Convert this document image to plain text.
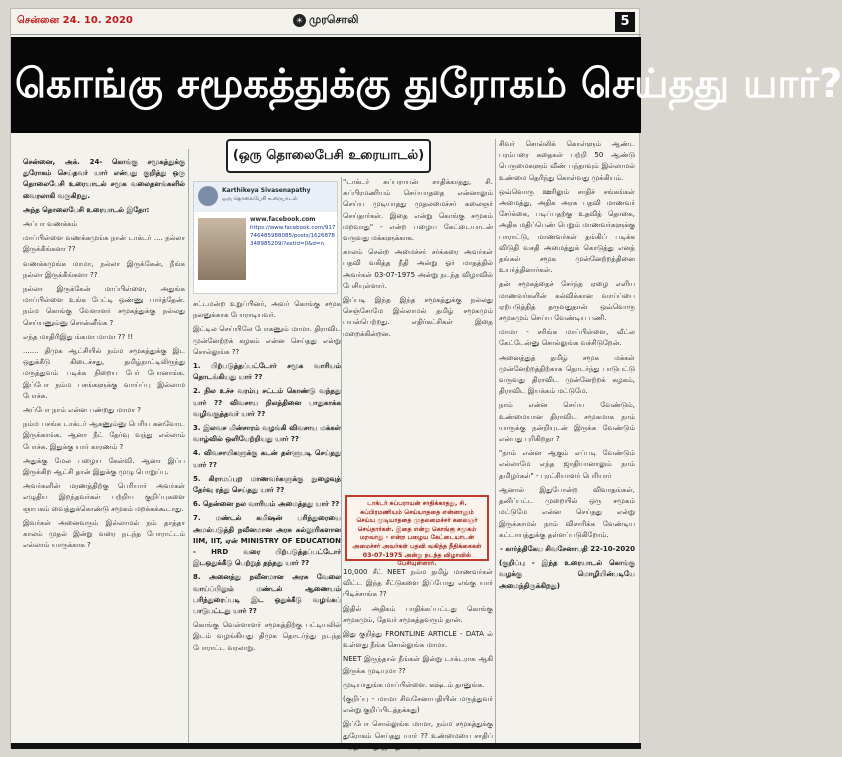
சென்னை 24. 10. 2020	☀ முரசொலி	5
கொங்கு சமூகத்துக்கு துரோகம் செய்தது யார்?
(ஒரு தொலைபேசி உரையாடல்)

சென்னை, அக். 24- கொங்கு சமூகத்துக்கு துரோகம் செய்தவர் யார் என்பது குறித்து ஒரு தொலைபேசி உரையாடல் சமூக வலைதளங்களில் வைரலாகி வருகிறது.

அந்த தொலைபேசி உரையாடல் இதோ:

அப்பா வணக்கம்

மாப்பிள்ளை வணக்கமுங்க நான் டாக்டர் .... நல்லா இருக்கீங்களா ??

வணக்கமுங்க மாமா, நல்லா இருக்கேன், நீங்க நல்லா இருக்கீங்களா ??

நல்லா இருக்கேன் மாப்பிள்ளை, அதுங்க மாப்பிள்ளை உங்க பேட்டி ஒண்ணு பார்த்தேன். நம்ம கொங்கு வேளாளர் சமூகத்துக்கு நல்லது செய்யணும்னு சொன்னீங்க ?

எந்த மாதிரிஇது ங்கமா மாமா ?? !!

....... திமுக ஆட்சியில் நம்ம சமூகத்துக்கு இட ஒதுக்கீடு கிடைச்சது, தமிழ்நாட்டிலிருந்து மருத்துவம் படிக்க நிறைய பேர் போனாங்க. இப்போ நம்ம பசங்களுக்கு வாய்ப்பு இல்லாம போச்சு.

அப்போ நாம் என்ன பண்றது மாமா ?

நம்ம பசங்க டாக்டர் ஆகணும்னு பெரிய கனவோட இருக்காங்க. ஆனா நீட் தேர்வு வந்து எல்லாம் போச்சு. இதுக்கு யார் காரணம் ?

அதுக்கு மேல பழைய கேள்வி. ஆனா இப்ப இருக்கிற ஆட்சி தான் இதுக்கு முழு பொறுப்பு.

அவர்களின் மரணத்திற்கு பெரியார் அவர்கள் எழுதிய இறந்தவர்கள் பற்றிய குறிப்புகளை ஞாபகம் வைத்துக்கொண்டு சமூகம் மறக்கக்கூடாது.

இவர்கள் அனைவரும் இல்லாமல் நம் தாத்தா காலம் முதல் இன்று வரை நடந்த போராட்டம் எல்லாம் யாருக்காக ?

Karthikeya Sivasenapathy
ஒரு தொலைபேசி உரையாடல்
www.facebook.com
https://www.facebook.com/917746485988085/posts/1626878348985209/?extid=0&d=n

சட்டமன்ற உறுப்பினர், அவர் கொங்கு சமூக நலனுக்காக போராடியவர்.

இட்டில செய்யிலே போகணும் மாமா. திராவிட முன்னேற்றக் கழகம் என்ன செய்தது என்று சொல்லுங்க ??

1. பிற்படுத்தப்பட்டோர் சமூக வாரியம் தொடங்கியது யார் ??

2. நில உச்ச வரம்பு சட்டம் கொண்டு வந்தது யார் ?? விவசாய நிலத்தினை பாதுகாக்க வழிவகுத்தவர் யார் ??

3. இலவச மின்சாரம் வழங்கி விவசாய மக்கள் வாழ்வில் ஒளியேற்றியது யார் ??

4. விவசாயிகளுக்கு கடன் தள்ளுபடி செய்தது யார் ??

5. கிராமப்புற மாணவர்களுக்கு நுழைவுத் தேர்வு ரத்து செய்தது யார் ??

6. தென்னை நல வாரியம் அமைத்தது யார் ??

7. மண்டல் கமிஷன் பரிந்துரையை அமல்படுத்தி நவீனமான அரசு கல்லூரிகளான IIM, IIT, ஏன் MINISTRY OF EDUCATION - HRD வரை பிற்படுத்தப்பட்டோர் இடஒதுக்கீடு பெற்றுத் தந்தது யார் ??

8. அனைத்து நவீனமான அரசு வேலை வாய்ப்பிலும் மண்டல் ஆணையம் பரிந்துரைப்படி இட ஒதுக்கீடு வழங்கப் பாடுபட்டது யார் ??

கொங்கு வெள்ளாளர் சமூகத்திற்கு பட்டியலில் இடம் வழங்கியது திமுக தொடர்ந்து நடந்த போராட்ட வரலாறு.

"டாக்டர் சுப்பராயன் சாதிக்காதது, சி. சுப்பிரமணியம் செய்யாததை என்னாலும் செய்ய முடியாதது முதலமைச்சர் கலைஞர் செய்தார்கள். இதை என்று கொங்கு சமூகம் மறவாது" - என்ற பழைய கேட்டையாடன் வருவது மக்களுக்காக.

காலம் சென்ற அமைச்சர் சர்க்கரை அவர்கள் பதவி வகித்த நீதி அன்று ஓர் மாதத்தில் அவர்கள் 03-07-1975 அன்று நடந்த விழாவில் பேசியுள்ளார்.

இப்படி இந்த இந்த சமூகத்துக்கு நல்லது செஞ்சோமே இல்லாமல் தமிழ் சமூகமும் பயன்பெற்றது. எதிர்கட்சிகள் இதை மறைக்கின்றன.

டாக்டர் சுப்பராயன் சாதிக்காதது, சி. சுப்பிரமணியம் செய்யாததை என்னாலும் செய்ய முடியாததை முதலமைச்சர் கலைஞர் செய்தார்கள். இதை என்று கொங்கு சமூகம் மறவாது - என்ற பழைய கேட்டையாடன் அமைச்சர் அவர்கள் பதவி வகித்த நீதிக்கைகள் 03-07-1975 அன்று நடந்த விழாவில் பேசியுள்ளார்.

10,000 சீட் NEET நம்ம தமிழ் மாணவர்கள் விட்ட இந்த சீட்டுகளை இப்போது எங்கு யார் பிடிச்சாங்க ??

இதில் அதிகம் பாதிக்கப்பட்டது கொங்கு சமூகமும், தேவர் சமூகத்தவரும் தான்.

இது குறித்து FRONTLINE ARTICLE - DATA ல் உள்ளது நீங்க சொல்லுங்க மாமா.

NEET இருந்தால் நீங்கள் இன்று டாக்டராக ஆகி இருக்க முடியுமா ??

முடியாதுங்க மாப்பிள்ளை. கஷ்டம் தானுங்க.

(குறிப்பு - மாமா சிவசேனாபதியின் மருத்துவர் என்று குறிப்பிடத்தக்கது)

இப்போ சொல்லுங்க மாமா, நம்ம சமூகத்துக்கு துரோகம் செய்தது யார் ?? உண்மையை சாதிப்

சிவர் சொல்லிக் கொள்ளும் ஆண்ட பரம்பரை கதைகள் பற்றி 50 ஆண்டு பெருமைகளும் வீண் பந்தாவும் இல்லாமல் உண்மை தெரிந்து கொள்வது முக்கியம்.

ஒவ்வொரு ஊரிலும் சாதிச் சங்கங்கள் அமைத்து, அதிக அரசு பதவி மாணவர் சேர்க்கை, படிப்பதற்கு உதவித் தொகை, அதிக மதிப்பெண் பெறும் மாணவர்களுக்கு பாராட்டு, மாணவர்கள் தங்கிப் படிக்க விடுதி வசதி அமைத்துக் கொடுத்து எனத் தங்கள் சமூக முன்னேற்றத்தினை உயர்த்தினார்கள்.

தன் சமூகத்தைச் சேர்ந்த ஏழை எளிய மாணவர்களின் கல்விக்கான வாய்ப்பை ஏற்படுத்தித் தருவதுதான் ஒவ்வொரு சமூகமும் செய்ய வேண்டிய பணி.

மாமா - சரிங்க மாப்பிள்ளை, வீட்ல கேட்டேன்னு சொல்லுங்க வச்சிடுறேன்.

அனைத்துத் தமிழ் சமூக மக்கள் முன்னேற்றத்திற்காக தொடர்ந்து பாடுபட்டு வருவது திராவிட முன்னேற்றக் கழகம், திராவிட இயக்கம் மட்டுமே.

நாம் என்ன செய்ய வேண்டும், உண்மையான திராவிட சமூகமாக நாம் யாருக்கு நன்றியுடன் இருக்க வேண்டும் என்பது புரிகிறதா ?

"நாம் என்ன ஆகும் எப்படி வேண்டும் எல்லாமே எந்த ஜாதியானாலும் நாம் தமிழர்கள்" - புரட்சியாளர் பெரியார்

ஆனால் இதுபோன்ற விவாதங்கள், தனிப்பட்ட முறையில் ஒரு சமூகம் மட்டுமே என்ன செய்தது என்று இருக்காமல் நாம் விசாரிக்க வேண்டிய கட்டாயத்துக்கு தள்ளப்படுகிறோம்.

- கார்த்திகேய சிவசேனாபதி 22-10-2020

(குறிப்பு - இந்த உரையாடல் கொங்கு வழக்கு மொழியின்படியே அமைந்திருக்கிறது)
